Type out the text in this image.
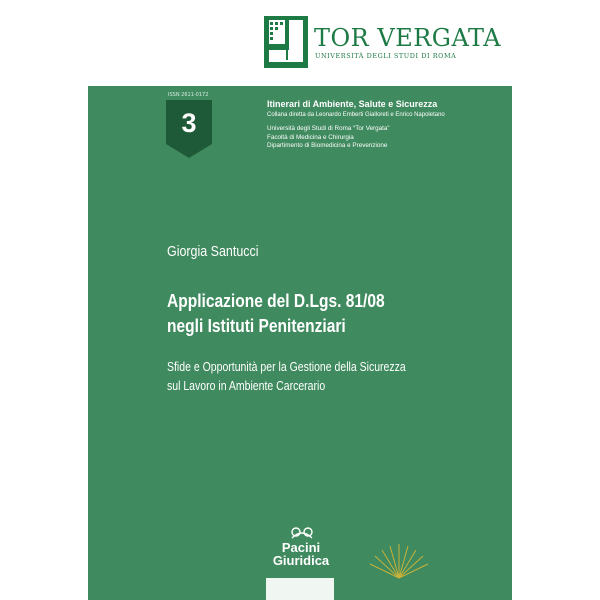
TOR VERGATA
UNIVERSITÀ DEGLI STUDI DI ROMA
ISSN 2611-0172
3
Itinerari di Ambiente, Salute e Sicurezza
Collana diretta da Leonardo Emberti Gialloreti e Enrico Napoletano
Università degli Studi di Roma “Tor Vergata”
Facoltà di Medicina e Chirurgia
Dipartimento di Biomedicina e Prevenzione
Giorgia Santucci
Applicazione del D.Lgs. 81/08
negli Istituti Penitenziari
Sfide e Opportunità per la Gestione della Sicurezza
sul Lavoro in Ambiente Carcerario
Pacini
Giuridica
